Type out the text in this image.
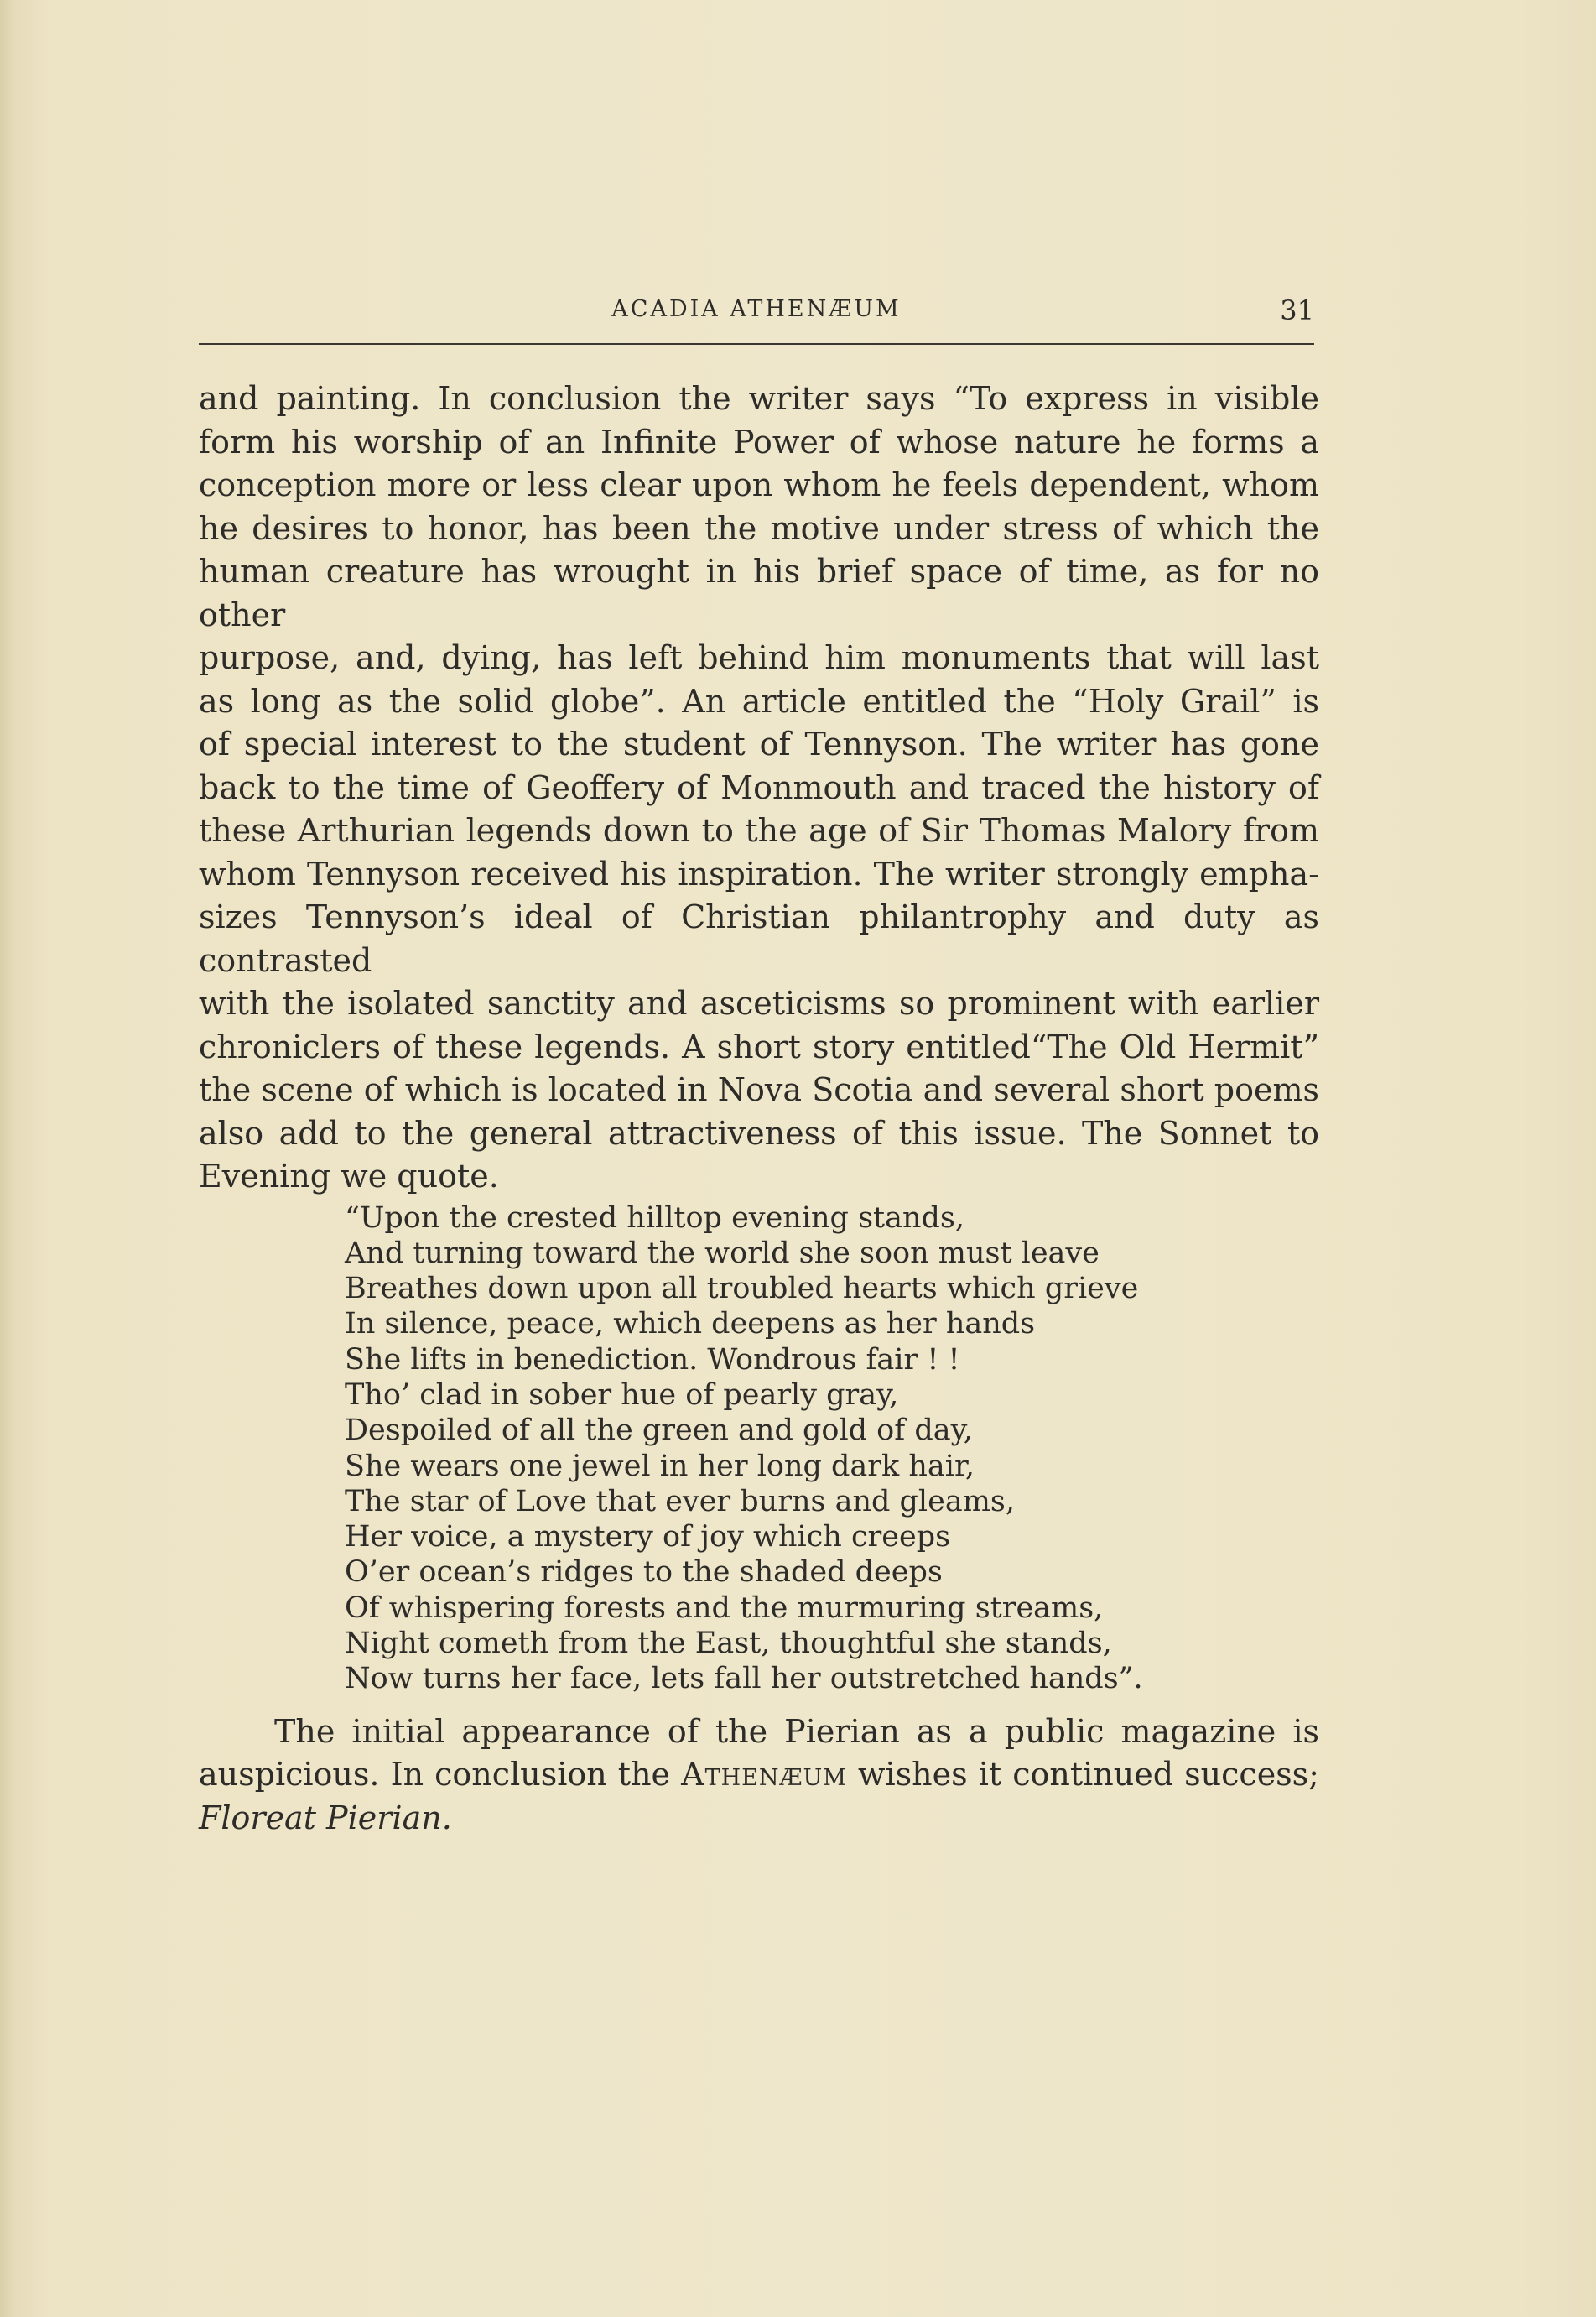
ACADIA ATHENÆUM	31

and painting. In conclusion the writer says “To express in visible

form his worship of an Infinite Power of whose nature he forms a

conception more or less clear upon whom he feels dependent, whom

he desires to honor, has been the motive under stress of which the

human creature has wrought in his brief space of time, as for no other

purpose, and, dying, has left behind him monuments that will last

as long as the solid globe”. An article entitled the “Holy Grail” is

of special interest to the student of Tennyson. The writer has gone

back to the time of Geoffery of Monmouth and traced the history of

these Arthurian legends down to the age of Sir Thomas Malory from

whom Tennyson received his inspiration. The writer strongly empha-

sizes Tennyson’s ideal of Christian philantrophy and duty as contrasted

with the isolated sanctity and asceticisms so prominent with earlier

chroniclers of these legends. A short story entitled“The Old Hermit”

the scene of which is located in Nova Scotia and several short poems

also add to the general attractiveness of this issue. The Sonnet to

Evening we quote.

“Upon the crested hilltop evening stands,
And turning toward the world she soon must leave
Breathes down upon all troubled hearts which grieve
In silence, peace, which deepens as her hands
She lifts in benediction. Wondrous fair ! !
Tho’ clad in sober hue of pearly gray,
Despoiled of all the green and gold of day,
She wears one jewel in her long dark hair,
The star of Love that ever burns and gleams,
Her voice, a mystery of joy which creeps
O’er ocean’s ridges to the shaded deeps
Of whispering forests and the murmuring streams,
Night cometh from the East, thoughtful she stands,
Now turns her face, lets fall her outstretched hands”.
The initial appearance of the Pierian as a public magazine is
auspicious. In conclusion the Athenæum wishes it continued success;
Floreat Pierian.
